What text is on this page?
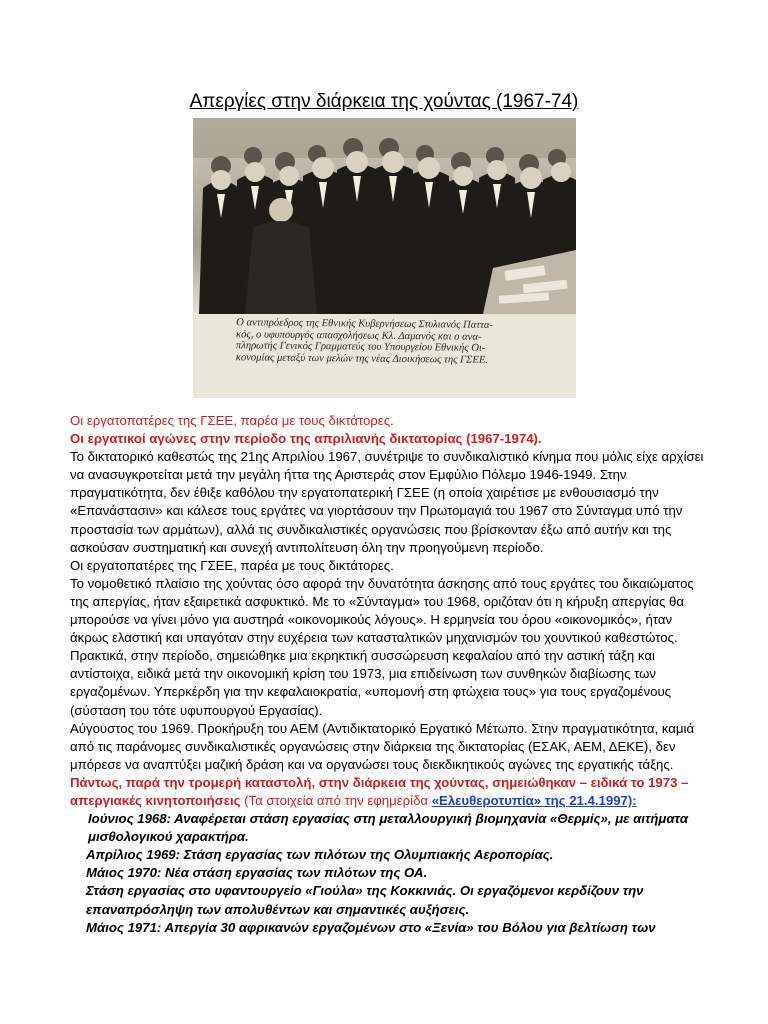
Απεργίες στην διάρκεια της χούντας (1967-74)
Ο αντιπρόεδρος της Εθνικής Κυβερνήσεως Στυλιανός Παττα-
κός, ο υφυπουργός απασχολήσεως Κλ. Δαμανός και ο ανα-
πληρωτής Γενικός Γραμματεύς του Υπουργείου Εθνικής Οι-
κονομίας μεταξύ των μελών της νέας Διοικήσεως της ΓΣΕΕ.

Οι εργατοπατέρες της ΓΣΕΕ, παρέα με τους δικτάτορες.

Οι εργατικοί αγώνες στην περίοδο της απριλιανής δικτατορίας (1967-1974).

Το δικτατορικό καθεστώς της 21ης Απριλίου 1967, συνέτριψε το συνδικαλιστικό κίνημα που μόλις είχε αρχίσει να ανασυγκροτείται μετά την μεγάλη ήττα της Αριστεράς στον Εμφύλιο Πόλεμο 1946-1949. Στην πραγματικότητα, δεν έθιξε καθόλου την εργατοπατερική ΓΣΕΕ (η οποία χαιρέτισε με ενθουσιασμό την «Επανάστασιν» και κάλεσε τους εργάτες να γιορτάσουν την Πρωτομαγιά του 1967 στο Σύνταγμα υπό την προστασία των αρμάτων), αλλά τις συνδικαλιστικές οργανώσεις που βρίσκονταν έξω από αυτήν και της ασκούσαν συστηματική και συνεχή αντιπολίτευση όλη την προηγούμενη περίοδο.

Οι εργατοπατέρες της ΓΣΕΕ, παρέα με τους δικτάτορες.

Το νομοθετικό πλαίσιο της χούντας όσο αφορά την δυνατότητα άσκησης από τους εργάτες του δικαιώματος της απεργίας, ήταν εξαιρετικά ασφυκτικό. Με το «Σύνταγμα» του 1968, οριζόταν ότι η κήρυξη απεργίας θα μπορούσε να γίνει μόνο για αυστηρά «οικονομικούς λόγους». Η ερμηνεία του όρου «οικονομικός», ήταν άκρως ελαστική και υπαγόταν στην ευχέρεια των κατασταλτικών μηχανισμών του χουντικού καθεστώτος. Πρακτικά, στην περίοδο, σημειώθηκε μια εκρηκτική συσσώρευση κεφαλαίου από την αστική τάξη και αντίστοιχα, ειδικά μετά την οικονομική κρίση του 1973, μια επιδείνωση των συνθηκών διαβίωσης των εργαζομένων. Υπερκέρδη για την κεφαλαιοκρατία, «υπομονή στη φτώχεια τους» για τους εργαζομένους (σύσταση του τότε υφυπουργού Εργασίας).

Αύγουστος του 1969. Προκήρυξη του ΑΕΜ (Αντιδικτατορικό Εργατικό Μέτωπο. Στην πραγματικότητα, καμιά από τις παράνομες συνδικαλιστικές οργανώσεις στην διάρκεια της δικτατορίας (ΕΣΑΚ, ΑΕΜ, ΔΕΚΕ), δεν μπόρεσε να αναπτύξει μαζική δράση και να οργανώσει τους διεκδικητικούς αγώνες της εργατικής τάξης.

Πάντως, παρά την τρομερή καταστολή, στην διάρκεια της χούντας, σημειώθηκαν – ειδικά το 1973 – απεργιακές κινητοποιήσεις (Τα στοιχεία από την εφημερίδα «Ελευθεροτυπία» της 21.4.1997):

Ιούνιος 1968: Αναφέρεται στάση εργασίας στη μεταλλουργική βιομηχανία «Θερμίς», με αιτήματα μισθολογικού χαρακτήρα.

Απρίλιος 1969: Στάση εργασίας των πιλότων της Ολυμπιακής Αεροπορίας.

Μάιος 1970: Νέα στάση εργασίας των πιλότων της ΟΑ.

Στάση εργασίας στο υφαντουργείο «Γιούλα» της Κοκκινιάς. Οι εργαζόμενοι κερδίζουν την επαναπρόσληψη των απολυθέντων και σημαντικές αυξήσεις.

Μάιος 1971: Απεργία 30 αφρικανών εργαζομένων στο «Ξενία» του Βόλου για βελτίωση των
